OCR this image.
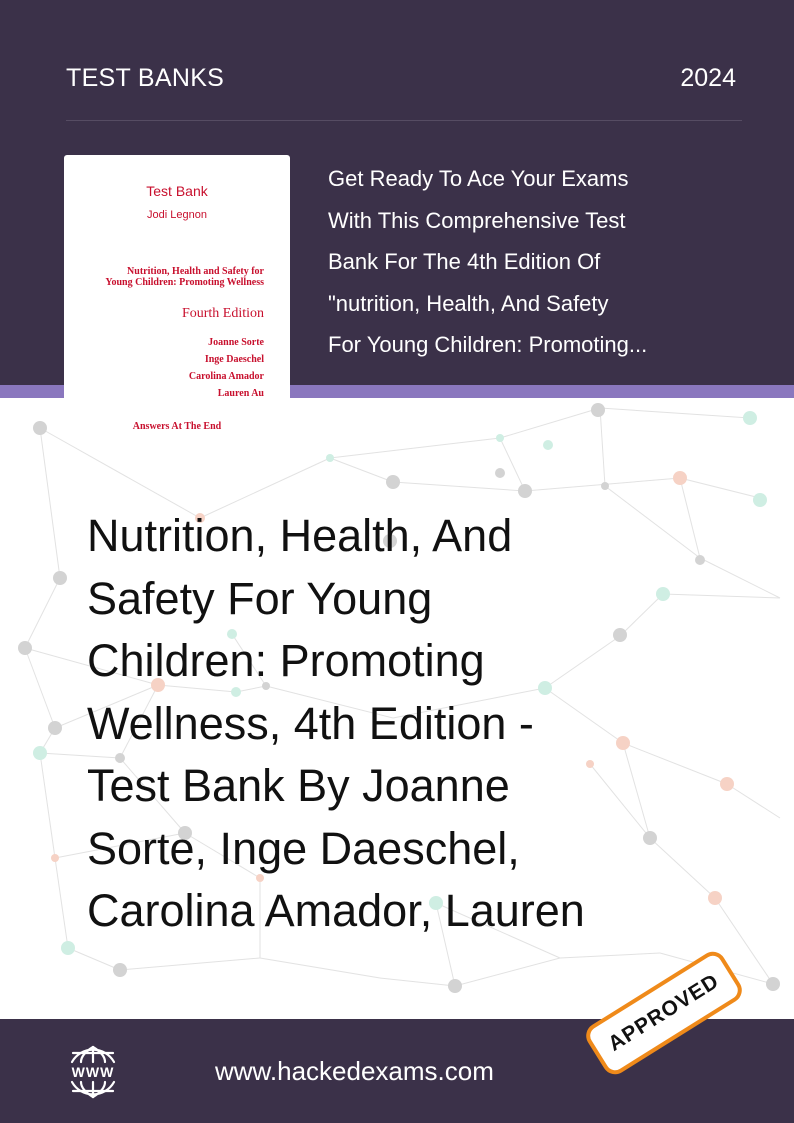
TEST BANKS	2024
Test Bank
Jodi Legnon
Nutrition, Health and Safety for
Young Children: Promoting Wellness
Fourth Edition
Joanne Sorte
Inge Daeschel
Carolina Amador
Lauren Au
Answers At The End
Get Ready To Ace Your Exams
With This Comprehensive Test
Bank For The 4th Edition Of
"nutrition, Health, And Safety
For Young Children: Promoting...
Nutrition, Health, And
Safety For Young
Children: Promoting
Wellness, 4th Edition -
Test Bank By Joanne
Sorte, Inge Daeschel,
Carolina Amador, Lauren
WWW	www.hackedexams.com
APPROVED
